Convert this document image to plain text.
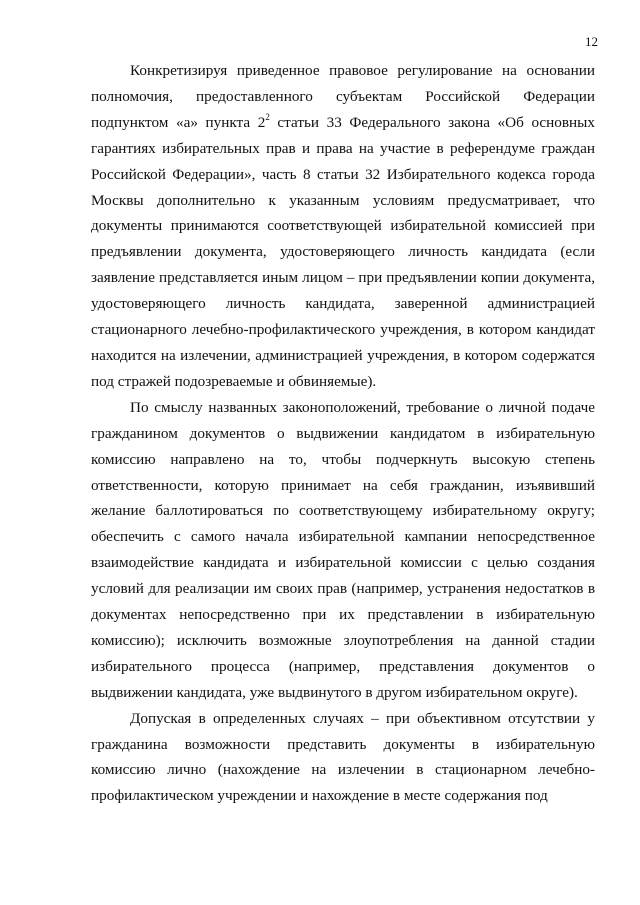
12

Конкретизируя приведенное правовое регулирование на основании полномочия, предоставленного субъектам Российской Федерации подпунктом «а» пункта $2^2$ статьи 33 Федерального закона «Об основных гарантиях избирательных прав и права на участие в референдуме граждан Российской Федерации», часть 8 статьи 32 Избирательного кодекса города Москвы дополнительно к указанным условиям предусматривает, что документы принимаются соответствующей избирательной комиссией при предъявлении документа, удостоверяющего личность кандидата (если заявление представляется иным лицом – при предъявлении копии документа, удостоверяющего личность кандидата, заверенной администрацией стационарного лечебно-профилактического учреждения, в котором кандидат находится на излечении, администрацией учреждения, в котором содержатся под стражей подозреваемые и обвиняемые).

По смыслу названных законоположений, требование о личной подаче гражданином документов о выдвижении кандидатом в избирательную комиссию направлено на то, чтобы подчеркнуть высокую степень ответственности, которую принимает на себя гражданин, изъявивший желание баллотироваться по соответствующему избирательному округу; обеспечить с самого начала избирательной кампании непосредственное взаимодействие кандидата и избирательной комиссии с целью создания условий для реализации им своих прав (например, устранения недостатков в документах непосредственно при их представлении в избирательную комиссию); исключить возможные злоупотребления на данной стадии избирательного процесса (например, представления документов о выдвижении кандидата, уже выдвинутого в другом избирательном округе).

Допуская в определенных случаях – при объективном отсутствии у гражданина возможности представить документы в избирательную комиссию лично (нахождение на излечении в стационарном лечебно-профилактическом учреждении и нахождение в месте содержания под
